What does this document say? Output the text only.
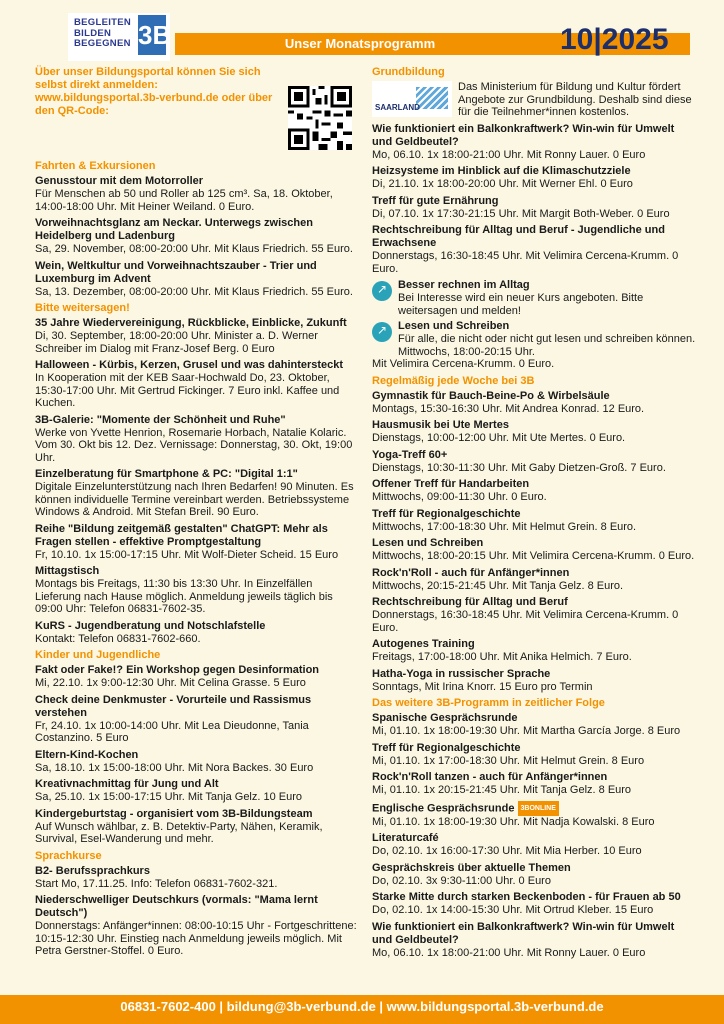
BEGLEITEN
BILDEN
BEGEGNEN 3B	Unser Monatsprogramm	10|2025

Über unser Bildungsportal können Sie sich selbst direkt anmelden: www.bildungsportal.3b-verbund.de oder über den QR-Code:

Fahrten & Exkursionen
Genusstour mit dem Motorroller
Für Menschen ab 50 und Roller ab 125 cm³. Sa, 18. Oktober, 14:00-18:00 Uhr. Mit Heiner Weiland. 0 Euro.
Vorweihnachtsglanz am Neckar. Unterwegs zwischen Heidelberg und Ladenburg
Sa, 29. November, 08:00-20:00 Uhr. Mit Klaus Friedrich. 55 Euro.
Wein, Weltkultur und Vorweihnachtszauber - Trier und Luxemburg im Advent
Sa, 13. Dezember, 08:00-20:00 Uhr. Mit Klaus Friedrich. 55 Euro.
Bitte weitersagen!
35 Jahre Wiedervereinigung, Rückblicke, Einblicke, Zukunft
Di, 30. September, 18:00-20:00 Uhr. Minister a. D. Werner Schreiber im Dialog mit Franz-Josef Berg. 0 Euro
Halloween - Kürbis, Kerzen, Grusel und was dahintersteckt
In Kooperation mit der KEB Saar-Hochwald Do, 23. Oktober, 15:30-17:00 Uhr. Mit Gertrud Fickinger. 7 Euro inkl. Kaffee und Kuchen.
3B-Galerie: "Momente der Schönheit und Ruhe"
Werke von Yvette Henrion, Rosemarie Horbach, Natalie Kolaric. Vom 30. Okt bis 12. Dez. Vernissage: Donnerstag, 30. Okt, 19:00 Uhr.
Einzelberatung für Smartphone & PC: "Digital 1:1"
Digitale Einzelunterstützung nach Ihren Bedarfen! 90 Minuten. Es können individuelle Termine vereinbart werden. Betriebssysteme Windows & Android. Mit Stefan Breil. 90 Euro.
Reihe "Bildung zeitgemäß gestalten" ChatGPT: Mehr als Fragen stellen - effektive Promptgestaltung
Fr, 10.10. 1x 15:00-17:15 Uhr. Mit Wolf-Dieter Scheid. 15 Euro
Mittagstisch
Montags bis Freitags, 11:30 bis 13:30 Uhr. In Einzelfällen Lieferung nach Hause möglich. Anmeldung jeweils täglich bis 09:00 Uhr: Telefon 06831-7602-35.
KuRS - Jugendberatung und Notschlafstelle
Kontakt: Telefon 06831-7602-660.
Kinder und Jugendliche
Fakt oder Fake!? Ein Workshop gegen Desinformation
Mi, 22.10. 1x 9:00-12:30 Uhr. Mit Celina Grasse. 5 Euro
Check deine Denkmuster - Vorurteile und Rassismus verstehen
Fr, 24.10. 1x 10:00-14:00 Uhr. Mit Lea Dieudonne, Tania Costanzino. 5 Euro
Eltern-Kind-Kochen
Sa, 18.10. 1x 15:00-18:00 Uhr. Mit Nora Backes. 30 Euro
Kreativnachmittag für Jung und Alt
Sa, 25.10. 1x 15:00-17:15 Uhr. Mit Tanja Gelz. 10 Euro
Kindergeburtstag - organisiert vom 3B-Bildungsteam
Auf Wunsch wählbar, z. B. Detektiv-Party, Nähen, Keramik, Survival, Esel-Wanderung und mehr.
Sprachkurse
B2- Berufssprachkurs
Start Mo, 17.11.25. Info: Telefon 06831-7602-321.
Niederschwelliger Deutschkurs (vormals: "Mama lernt Deutsch")
Donnerstags: Anfänger*innen: 08:00-10:15 Uhr - Fortgeschrittene: 10:15-12:30 Uhr. Einstieg nach Anmeldung jeweils möglich. Mit Petra Gerstner-Stoffel. 0 Euro.
Grundbildung
SAARLAND
Das Ministerium für Bildung und Kultur fördert Angebote zur Grundbildung. Deshalb sind diese für die Teilnehmer*innen kostenlos.
Wie funktioniert ein Balkonkraftwerk? Win-win für Umwelt und Geldbeutel?
Mo, 06.10. 1x 18:00-21:00 Uhr. Mit Ronny Lauer. 0 Euro
Heizsysteme im Hinblick auf die Klimaschutzziele
Di, 21.10. 1x 18:00-20:00 Uhr. Mit Werner Ehl. 0 Euro
Treff für gute Ernährung
Di, 07.10. 1x 17:30-21:15 Uhr. Mit Margit Both-Weber. 0 Euro
Rechtschreibung für Alltag und Beruf - Jugendliche und Erwachsene
Donnerstags, 16:30-18:45 Uhr. Mit Velimira Cercena-Krumm. 0 Euro.
↗
Besser rechnen im Alltag
Bei Interesse wird ein neuer Kurs angeboten. Bitte weitersagen und melden!
↗
Lesen und Schreiben
Für alle, die nicht oder nicht gut lesen und schreiben können. Mittwochs, 18:00-20:15 Uhr.
Mit Velimira Cercena-Krumm. 0 Euro.
Regelmäßig jede Woche bei 3B
Gymnastik für Bauch-Beine-Po & Wirbelsäule
Montags, 15:30-16:30 Uhr. Mit Andrea Konrad. 12 Euro.
Hausmusik bei Ute Mertes
Dienstags, 10:00-12:00 Uhr. Mit Ute Mertes. 0 Euro.
Yoga-Treff 60+
Dienstags, 10:30-11:30 Uhr. Mit Gaby Dietzen-Groß. 7 Euro.
Offener Treff für Handarbeiten
Mittwochs, 09:00-11:30 Uhr. 0 Euro.
Treff für Regionalgeschichte
Mittwochs, 17:00-18:30 Uhr. Mit Helmut Grein. 8 Euro.
Lesen und Schreiben
Mittwochs, 18:00-20:15 Uhr. Mit Velimira Cercena-Krumm. 0 Euro.
Rock'n'Roll - auch für Anfänger*innen
Mittwochs, 20:15-21:45 Uhr. Mit Tanja Gelz. 8 Euro.
Rechtschreibung für Alltag und Beruf
Donnerstags, 16:30-18:45 Uhr. Mit Velimira Cercena-Krumm. 0 Euro.
Autogenes Training
Freitags, 17:00-18:00 Uhr. Mit Anika Helmich. 7 Euro.
Hatha-Yoga in russischer Sprache
Sonntags, Mit Irina Knorr. 15 Euro pro Termin
Das weitere 3B-Programm in zeitlicher Folge
Spanische Gesprächsrunde
Mi, 01.10. 1x 18:00-19:30 Uhr. Mit Martha García Jorge. 8 Euro
Treff für Regionalgeschichte
Mi, 01.10. 1x 17:00-18:30 Uhr. Mit Helmut Grein. 8 Euro
Rock'n'Roll tanzen - auch für Anfänger*innen
Mi, 01.10. 1x 20:15-21:45 Uhr. Mit Tanja Gelz. 8 Euro
Englische Gesprächsrunde 3BONLINE
Mi, 01.10. 1x 18:00-19:30 Uhr. Mit Nadja Kowalski. 8 Euro
Literaturcafé
Do, 02.10. 1x 16:00-17:30 Uhr. Mit Mia Herber. 10 Euro
Gesprächskreis über aktuelle Themen
Do, 02.10. 3x 9:30-11:00 Uhr. 0 Euro
Starke Mitte durch starken Beckenboden - für Frauen ab 50
Do, 02.10. 1x 14:00-15:30 Uhr. Mit Ortrud Kleber. 15 Euro
Wie funktioniert ein Balkonkraftwerk? Win-win für Umwelt und Geldbeutel?
Mo, 06.10. 1x 18:00-21:00 Uhr. Mit Ronny Lauer. 0 Euro
06831-7602-400 | bildung@3b-verbund.de | www.bildungsportal.3b-verbund.de
